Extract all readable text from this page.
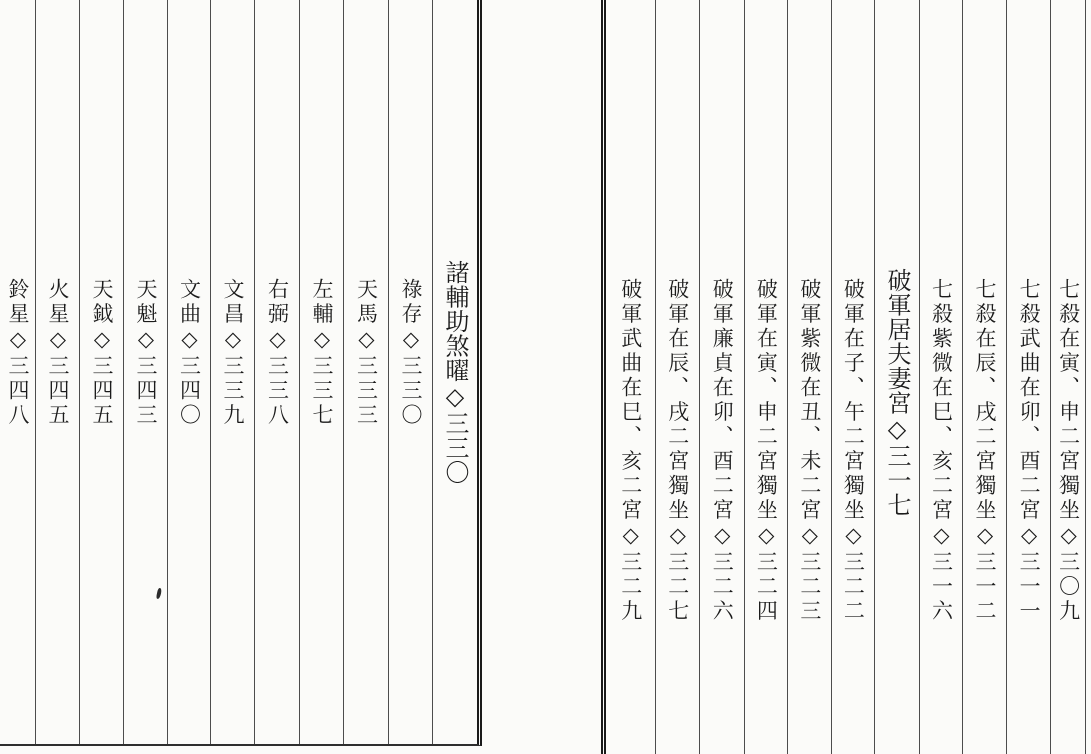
七殺在寅、申二宮獨坐◇三〇九
七殺武曲在卯、酉二宮◇三一一
七殺在辰、戌二宮獨坐◇三一二
七殺紫微在巳、亥二宮◇三一六
破軍居夫妻宮◇三一七
破軍在子、午二宮獨坐◇三二二
破軍紫微在丑、未二宮◇三二三
破軍在寅、申二宮獨坐◇三二四
破軍廉貞在卯、酉二宮◇三二六
破軍在辰、戌二宮獨坐◇三二七
破軍武曲在巳、亥二宮◇三二九
諸輔助煞曜◇三三〇
祿存◇三三〇
天馬◇三三三
左輔◇三三七
右弼◇三三八
文昌◇三三九
文曲◇三四〇
天魁◇三四三
天鉞◇三四五
火星◇三四五
鈴星◇三四八
